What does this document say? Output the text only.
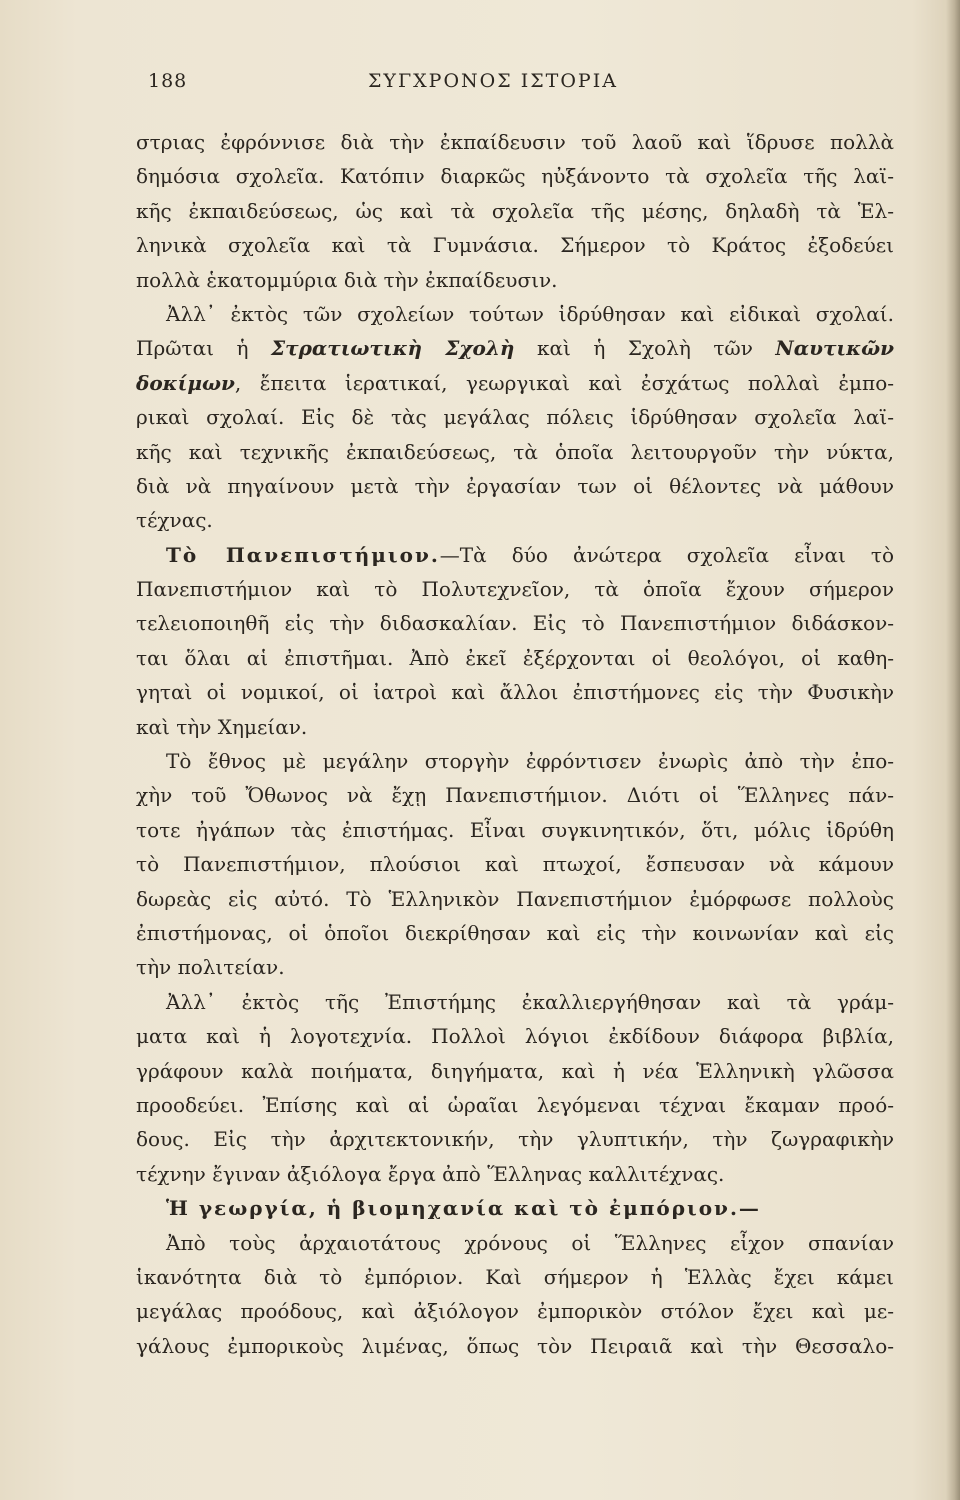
188	ΣΥΓΧΡΟΝΟΣ ΙΣΤΟΡΙΑ
στριας ἐφρόννισε διὰ τὴν ἐκπαίδευσιν τοῦ λαοῦ καὶ ἵδρυσε πολλὰ
δημόσια σχολεῖα. Κατόπιν διαρκῶς ηὐξάνοντο τὰ σχολεῖα τῆς λαϊ-
κῆς ἐκπαιδεύσεως, ὡς καὶ τὰ σχολεῖα τῆς μέσης, δηλαδὴ τὰ Ἑλ-
ληνικὰ σχολεῖα καὶ τὰ Γυμνάσια. Σήμερον τὸ Κράτος ἐξοδεύει
πολλὰ ἑκατομμύρια διὰ τὴν ἐκπαίδευσιν.
Ἀλλ᾽ ἐκτὸς τῶν σχολείων τούτων ἱδρύθησαν καὶ εἰδικαὶ σχολαί.
Πρῶται ἡ Στρατιωτικὴ Σχολὴ καὶ ἡ Σχολὴ τῶν Ναυτικῶν
δοκίμων, ἔπειτα ἱερατικαί, γεωργικαὶ καὶ ἐσχάτως πολλαὶ ἐμπο-
ρικαὶ σχολαί. Εἰς δὲ τὰς μεγάλας πόλεις ἱδρύθησαν σχολεῖα λαϊ-
κῆς καὶ τεχνικῆς ἐκπαιδεύσεως, τὰ ὁποῖα λειτουργοῦν τὴν νύκτα,
διὰ νὰ πηγαίνουν μετὰ τὴν ἐργασίαν των οἱ θέλοντες νὰ μάθουν
τέχνας.
Τὸ Πανεπιστήμιον.—Τὰ δύο ἀνώτερα σχολεῖα εἶναι τὸ
Πανεπιστήμιον καὶ τὸ Πολυτεχνεῖον, τὰ ὁποῖα ἔχουν σήμερον
τελειοποιηθῆ εἰς τὴν διδασκαλίαν. Εἰς τὸ Πανεπιστήμιον διδάσκον-
ται ὅλαι αἱ ἐπιστῆμαι. Ἀπὸ ἐκεῖ ἐξέρχονται οἱ θεολόγοι, οἱ καθη-
γηταὶ οἱ νομικοί, οἱ ἰατροὶ καὶ ἄλλοι ἐπιστήμονες εἰς τὴν Φυσικὴν
καὶ τὴν Χημείαν.
Τὸ ἔθνος μὲ μεγάλην στοργὴν ἐφρόντισεν ἐνωρὶς ἀπὸ τὴν ἐπο-
χὴν τοῦ Ὄθωνος νὰ ἔχῃ Πανεπιστήμιον. Διότι οἱ Ἕλληνες πάν-
τοτε ἠγάπων τὰς ἐπιστήμας. Εἶναι συγκινητικόν, ὅτι, μόλις ἱδρύθη
τὸ Πανεπιστήμιον, πλούσιοι καὶ πτωχοί, ἔσπευσαν νὰ κάμουν
δωρεὰς εἰς αὐτό. Τὸ Ἑλληνικὸν Πανεπιστήμιον ἐμόρφωσε πολλοὺς
ἐπιστήμονας, οἱ ὁποῖοι διεκρίθησαν καὶ εἰς τὴν κοινωνίαν καὶ εἰς
τὴν πολιτείαν.
Ἀλλ᾽ ἐκτὸς τῆς Ἐπιστήμης ἐκαλλιεργήθησαν καὶ τὰ γράμ-
ματα καὶ ἡ λογοτεχνία. Πολλοὶ λόγιοι ἐκδίδουν διάφορα βιβλία,
γράφουν καλὰ ποιήματα, διηγήματα, καὶ ἡ νέα Ἑλληνικὴ γλῶσσα
προοδεύει. Ἐπίσης καὶ αἱ ὡραῖαι λεγόμεναι τέχναι ἔκαμαν προό-
δους. Εἰς τὴν ἀρχιτεκτονικήν, τὴν γλυπτικήν, τὴν ζωγραφικὴν
τέχνην ἔγιναν ἀξιόλογα ἔργα ἀπὸ Ἕλληνας καλλιτέχνας.
Ἡ γεωργία, ἡ βιομηχανία καὶ τὸ ἐμπόριον.—
Ἀπὸ τοὺς ἀρχαιοτάτους χρόνους οἱ Ἕλληνες εἶχον σπανίαν
ἱκανότητα διὰ τὸ ἐμπόριον. Καὶ σήμερον ἡ Ἑλλὰς ἔχει κάμει
μεγάλας προόδους, καὶ ἀξιόλογον ἐμπορικὸν στόλον ἔχει καὶ με-
γάλους ἐμπορικοὺς λιμένας, ὅπως τὸν Πειραιᾶ καὶ τὴν Θεσσαλο-
